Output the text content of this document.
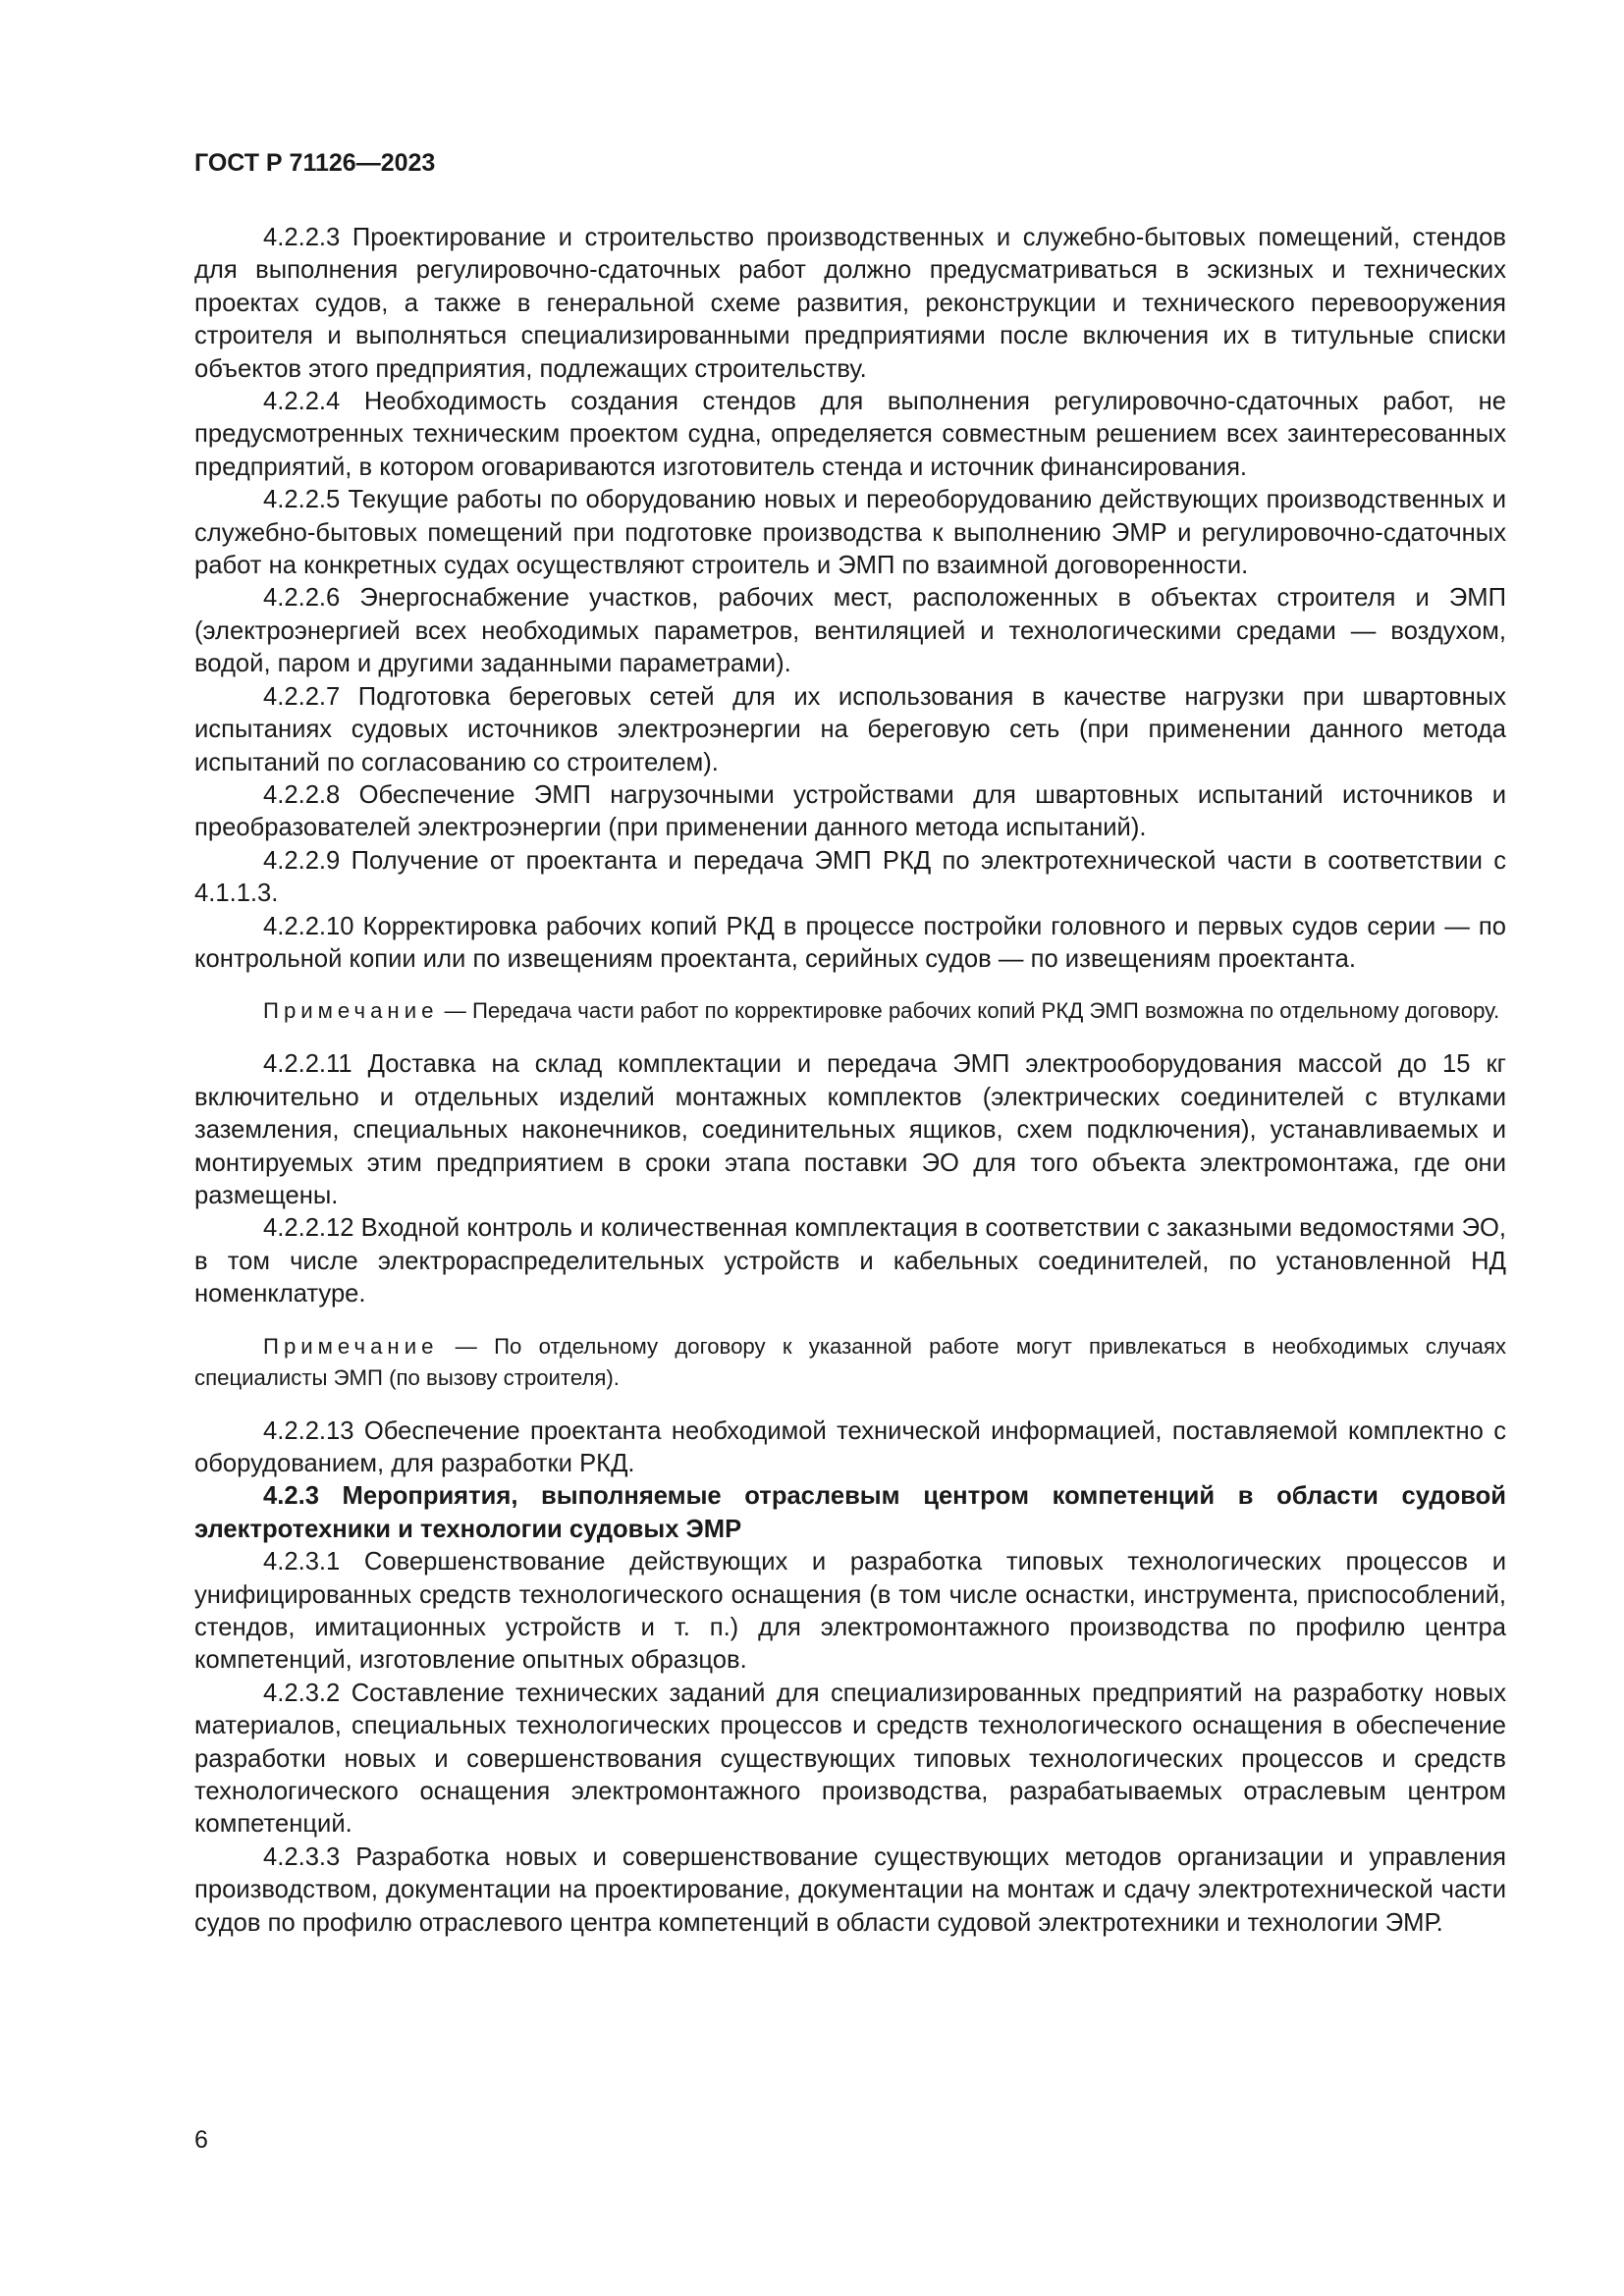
ГОСТ Р 71126—2023

4.2.2.3 Проектирование и строительство производственных и служебно-бытовых помещений, стендов для выполнения регулировочно-сдаточных работ должно предусматриваться в эскизных и технических проектах судов, а также в генеральной схеме развития, реконструкции и технического перевооружения строителя и выполняться специализированными предприятиями после включения их в титульные списки объектов этого предприятия, подлежащих строительству.

4.2.2.4 Необходимость создания стендов для выполнения регулировочно-сдаточных работ, не предусмотренных техническим проектом судна, определяется совместным решением всех заинтересованных предприятий, в котором оговариваются изготовитель стенда и источник финансирования.

4.2.2.5 Текущие работы по оборудованию новых и переоборудованию действующих производственных и служебно-бытовых помещений при подготовке производства к выполнению ЭМР и регулировочно-сдаточных работ на конкретных судах осуществляют строитель и ЭМП по взаимной договоренности.

4.2.2.6 Энергоснабжение участков, рабочих мест, расположенных в объектах строителя и ЭМП (электроэнергией всех необходимых параметров, вентиляцией и технологическими средами — воздухом, водой, паром и другими заданными параметрами).

4.2.2.7 Подготовка береговых сетей для их использования в качестве нагрузки при швартовных испытаниях судовых источников электроэнергии на береговую сеть (при применении данного метода испытаний по согласованию со строителем).

4.2.2.8 Обеспечение ЭМП нагрузочными устройствами для швартовных испытаний источников и преобразователей электроэнергии (при применении данного метода испытаний).

4.2.2.9 Получение от проектанта и передача ЭМП РКД по электротехнической части в соответствии с 4.1.1.3.

4.2.2.10 Корректировка рабочих копий РКД в процессе постройки головного и первых судов серии — по контрольной копии или по извещениям проектанта, серийных судов — по извещениям проектанта.

Примечание — Передача части работ по корректировке рабочих копий РКД ЭМП возможна по отдельному договору.

4.2.2.11 Доставка на склад комплектации и передача ЭМП электрооборудования массой до 15 кг включительно и отдельных изделий монтажных комплектов (электрических соединителей с втулками заземления, специальных наконечников, соединительных ящиков, схем подключения), устанавливаемых и монтируемых этим предприятием в сроки этапа поставки ЭО для того объекта электромонтажа, где они размещены.

4.2.2.12 Входной контроль и количественная комплектация в соответствии с заказными ведомостями ЭО, в том числе электрораспределительных устройств и кабельных соединителей, по установленной НД номенклатуре.

Примечание — По отдельному договору к указанной работе могут привлекаться в необходимых случаях специалисты ЭМП (по вызову строителя).

4.2.2.13 Обеспечение проектанта необходимой технической информацией, поставляемой комплектно с оборудованием, для разработки РКД.

4.2.3 Мероприятия, выполняемые отраслевым центром компетенций в области судовой электротехники и технологии судовых ЭМР

4.2.3.1 Совершенствование действующих и разработка типовых технологических процессов и унифицированных средств технологического оснащения (в том числе оснастки, инструмента, приспособлений, стендов, имитационных устройств и т. п.) для электромонтажного производства по профилю центра компетенций, изготовление опытных образцов.

4.2.3.2 Составление технических заданий для специализированных предприятий на разработку новых материалов, специальных технологических процессов и средств технологического оснащения в обеспечение разработки новых и совершенствования существующих типовых технологических процессов и средств технологического оснащения электромонтажного производства, разрабатываемых отраслевым центром компетенций.

4.2.3.3 Разработка новых и совершенствование существующих методов организации и управления производством, документации на проектирование, документации на монтаж и сдачу электротехнической части судов по профилю отраслевого центра компетенций в области судовой электротехники и технологии ЭМР.

6
